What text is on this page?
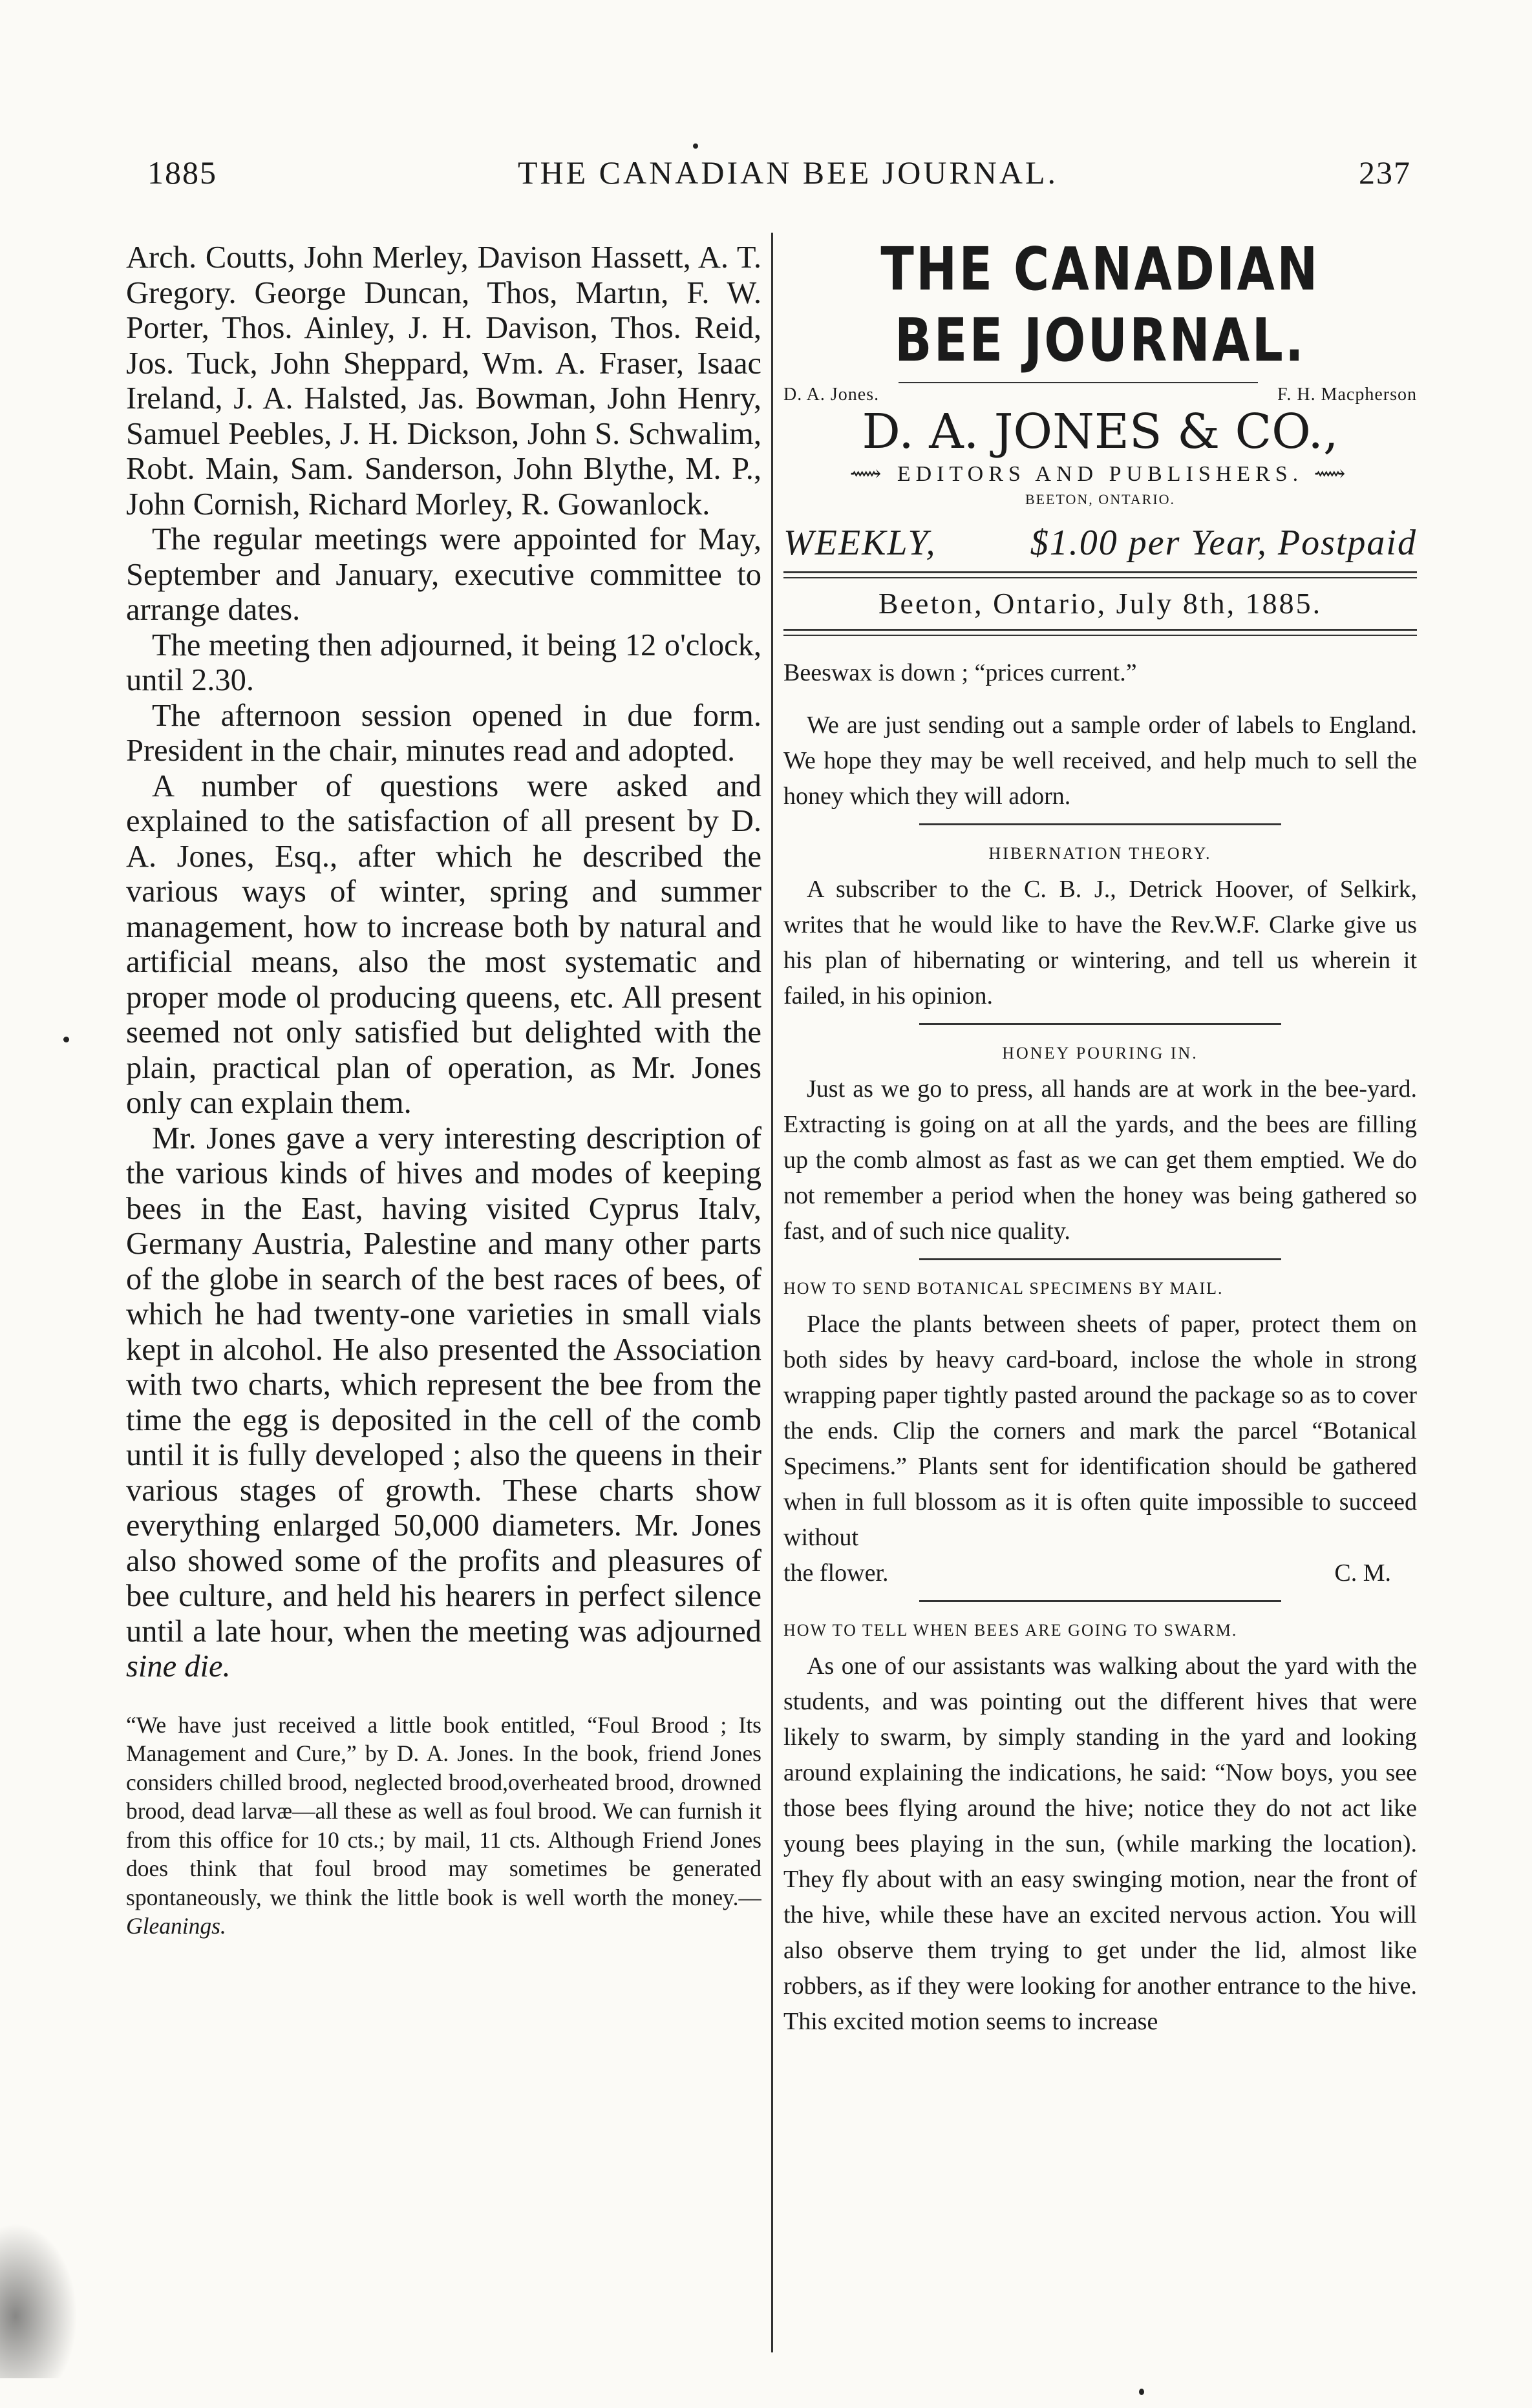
1885	THE CANADIAN BEE JOURNAL.	237

Arch. Coutts, John Merley, Davison Hassett, A. T. Gregory. George Duncan, Thos, Martın, F. W. Porter, Thos. Ainley, J. H. Davison, Thos. Reid, Jos. Tuck, John Sheppard, Wm. A. Fraser, Isaac Ireland, J. A. Halsted, Jas. Bowman, John Henry, Samuel Peebles, J. H. Dickson, John S. Schwalim, Robt. Main, Sam. Sanderson, John Blythe, M. P., John Cornish, Richard Morley, R. Gowanlock.

The regular meetings were appointed for May, September and January, executive committee to arrange dates.

The meeting then adjourned, it being 12 o'clock, until 2.30.

The afternoon session opened in due form. President in the chair, minutes read and adopted.

A number of questions were asked and explained to the satisfaction of all present by D. A. Jones, Esq., after which he described the various ways of winter, spring and summer management, how to increase both by natural and artificial means, also the most systematic and proper mode ol producing queens, etc. All present seemed not only satisfied but delighted with the plain, practical plan of operation, as Mr. Jones only can explain them.

Mr. Jones gave a very interesting description of the various kinds of hives and modes of keeping bees in the East, having visited Cyprus Italv, Germany Austria, Palestine and many other parts of the globe in search of the best races of bees, of which he had twenty-one varieties in small vials kept in alcohol. He also presented the Association with two charts, which represent the bee from the time the egg is deposited in the cell of the comb until it is fully developed ; also the queens in their various stages of growth. These charts show everything enlarged 50,000 diameters. Mr. Jones also showed some of the profits and pleasures of bee culture, and held his hearers in perfect silence until a late hour, when the meeting was adjourned sine die.

“We have just received a little book entitled, “Foul Brood ; Its Management and Cure,” by D. A. Jones. In the book, friend Jones considers chilled brood, neglected brood,overheated brood, drowned brood, dead larvæ—all these as well as foul brood. We can furnish it from this office for 10 cts.; by mail, 11 cts. Although Friend Jones does think that foul brood may sometimes be generated spontaneously, we think the little book is well worth the money.—Gleanings.
THE CANADIAN BEE JOURNAL.
D. A. Jones.	F. H. Macpherson
D. A. JONES & CO.,
⟿ EDITORS AND PUBLISHERS. ⟿
BEETON, ONTARIO.
WEEKLY,	$1.00 per Year, Postpaid
Beeton, Ontario, July 8th, 1885.

Beeswax is down ; “prices current.”

We are just sending out a sample order of labels to England. We hope they may be well received, and help much to sell the honey which they will adorn.

HIBERNATION THEORY.

A subscriber to the C. B. J., Detrick Hoover, of Selkirk, writes that he would like to have the Rev.W.F. Clarke give us his plan of hibernating or wintering, and tell us wherein it failed, in his opinion.

HONEY POURING IN.

Just as we go to press, all hands are at work in the bee-yard. Extracting is going on at all the yards, and the bees are filling up the comb almost as fast as we can get them emptied. We do not remember a period when the honey was being gathered so fast, and of such nice quality.

HOW TO SEND BOTANICAL SPECIMENS BY MAIL.

Place the plants between sheets of paper, protect them on both sides by heavy card-board, inclose the whole in strong wrapping paper tightly pasted around the package so as to cover the ends. Clip the corners and mark the parcel “Botanical Specimens.” Plants sent for identification should be gathered when in full blossom as it is often quite impossible to succeed without

the flower.	C. M.
HOW TO TELL WHEN BEES ARE GOING TO SWARM.

As one of our assistants was walking about the yard with the students, and was pointing out the different hives that were likely to swarm, by simply standing in the yard and looking around explaining the indications, he said: “Now boys, you see those bees flying around the hive; notice they do not act like young bees playing in the sun, (while marking the location). They fly about with an easy swinging motion, near the front of the hive, while these have an excited nervous action. You will also observe them trying to get under the lid, almost like robbers, as if they were looking for another entrance to the hive. This excited motion seems to increase
